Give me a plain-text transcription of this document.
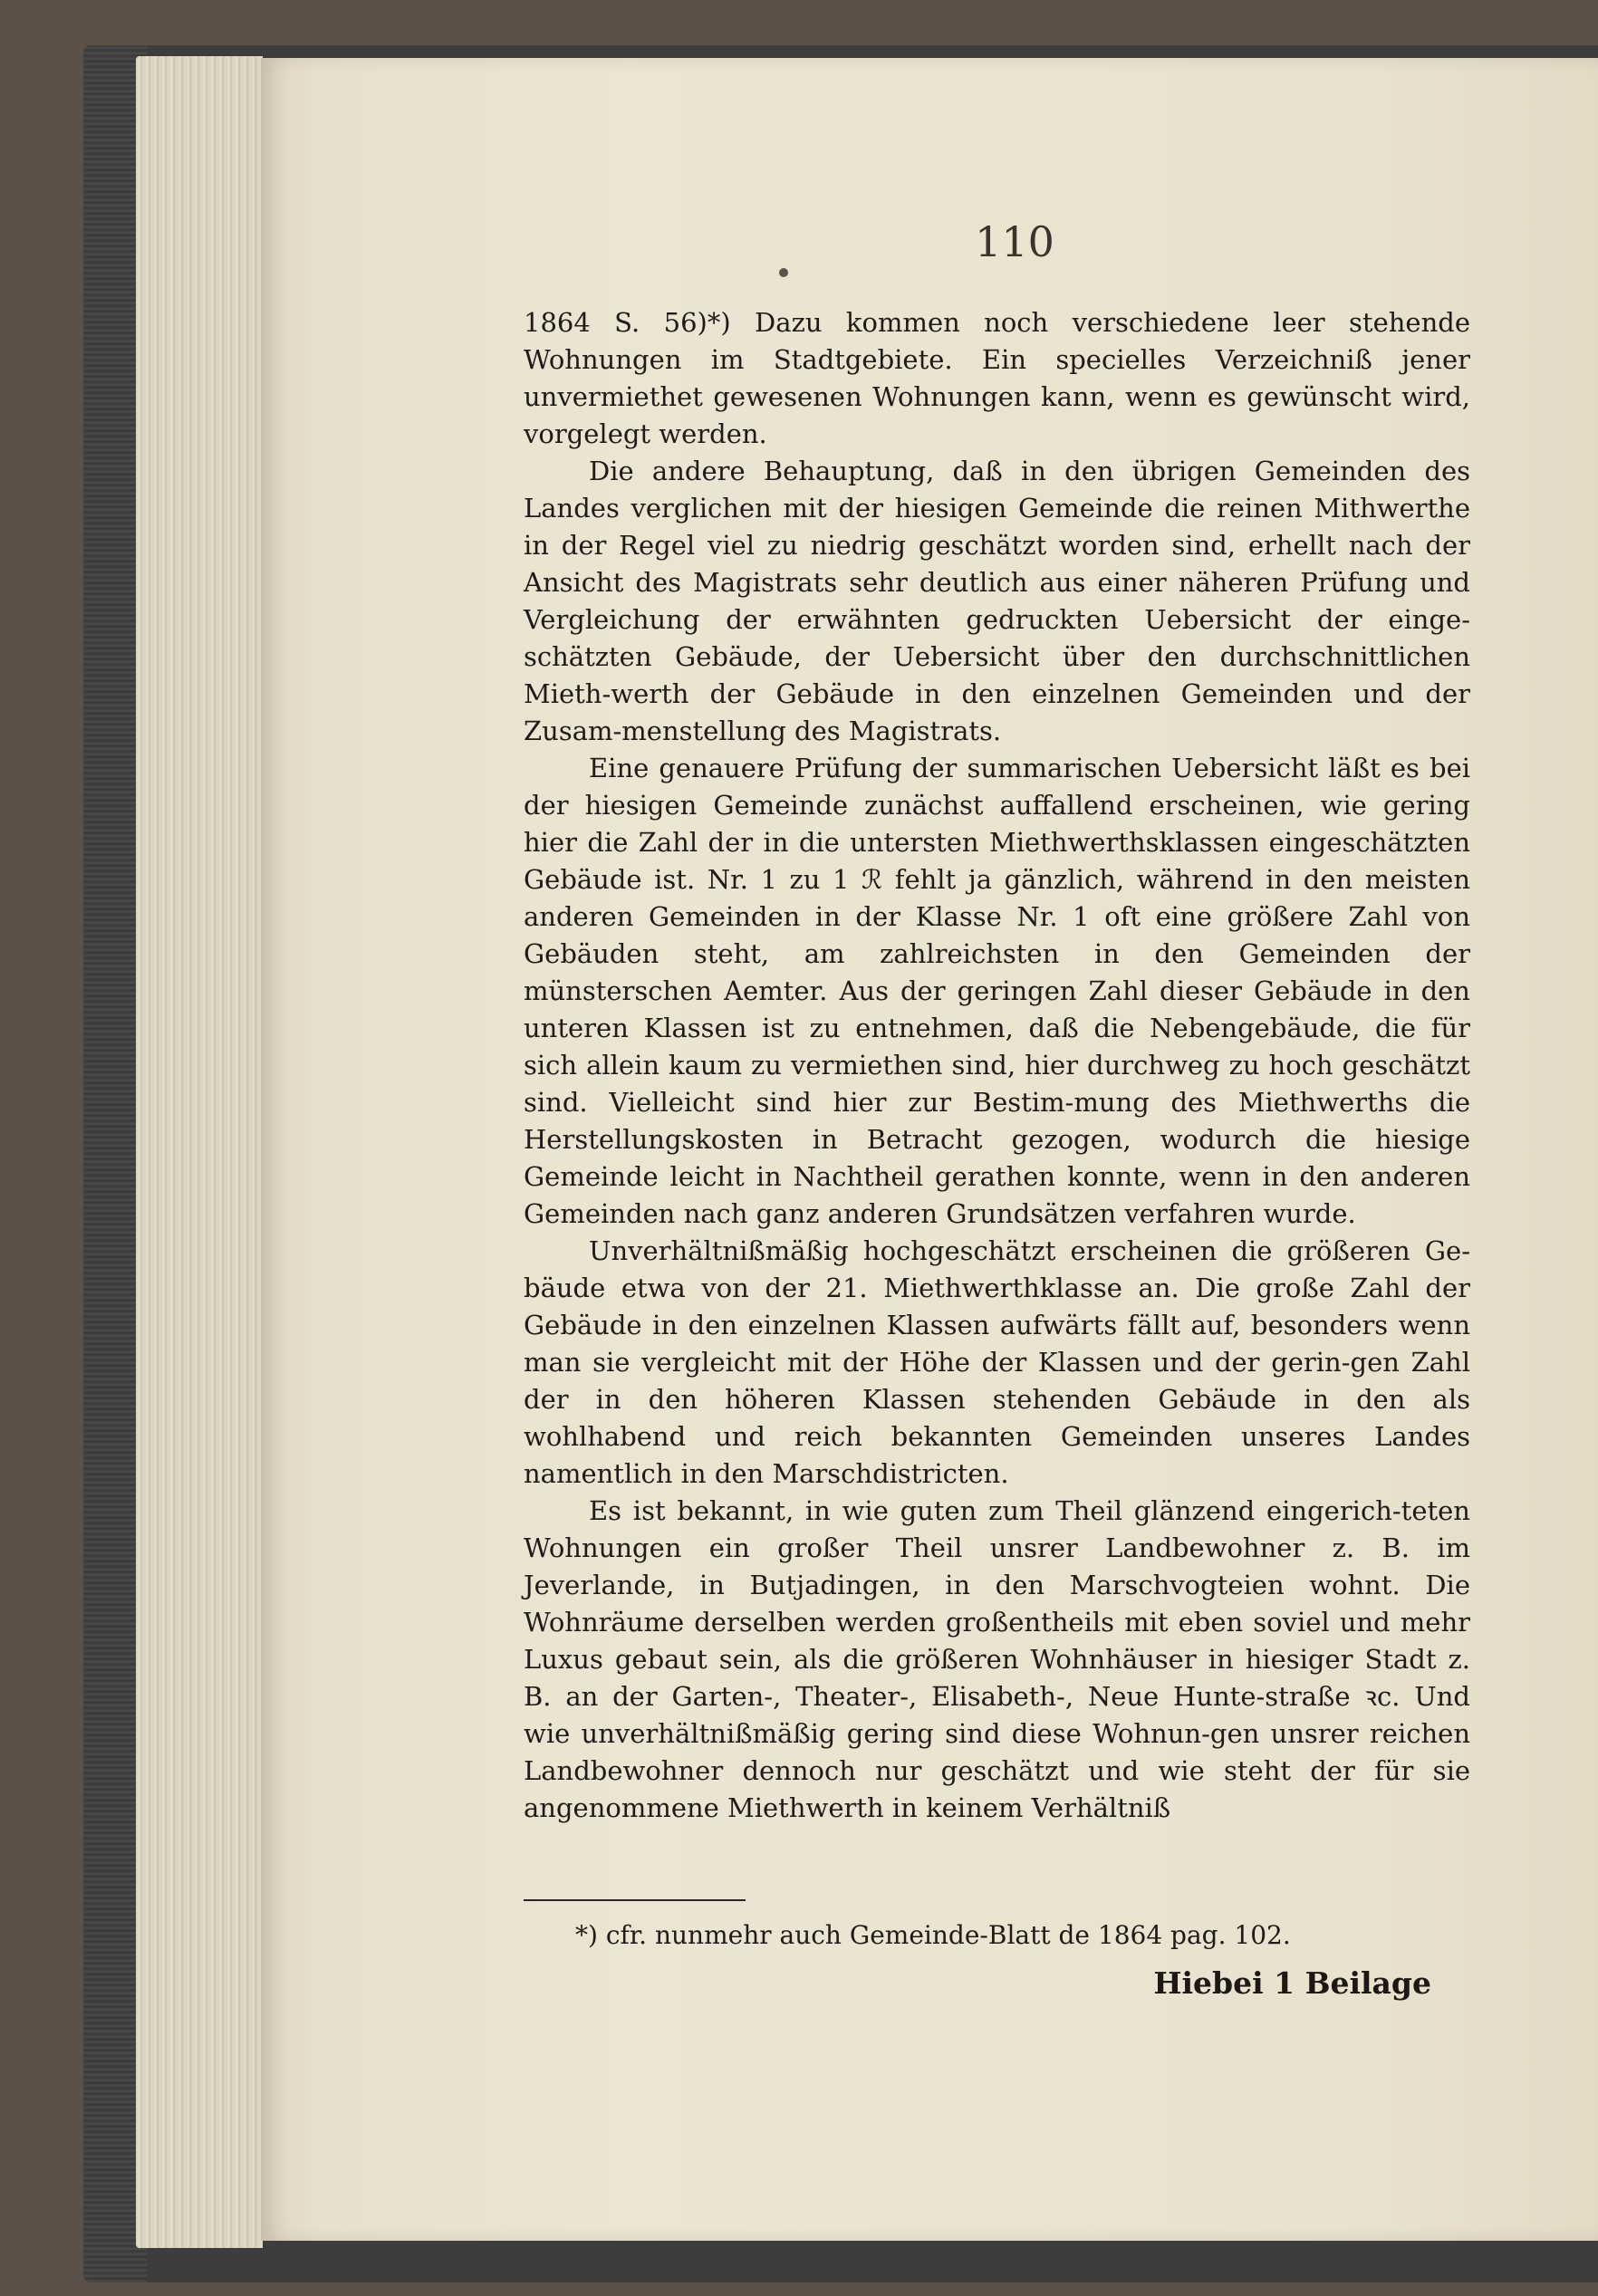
110

1864 S. 56)*) Dazu kommen noch verschiedene leer stehende Wohnungen im Stadtgebiete. Ein specielles Verzeichniß jener unvermiethet gewesenen Wohnungen kann, wenn es gewünscht wird, vorgelegt werden.

Die andere Behauptung, daß in den übrigen Gemeinden des Landes verglichen mit der hiesigen Gemeinde die reinen Mithwerthe in der Regel viel zu niedrig geschätzt worden sind, erhellt nach der Ansicht des Magistrats sehr deutlich aus einer näheren Prüfung und Vergleichung der erwähnten gedruckten Uebersicht der einge-schätzten Gebäude, der Uebersicht über den durchschnittlichen Mieth-werth der Gebäude in den einzelnen Gemeinden und der Zusam-menstellung des Magistrats.

Eine genauere Prüfung der summarischen Uebersicht läßt es bei der hiesigen Gemeinde zunächst auffallend erscheinen, wie gering hier die Zahl der in die untersten Miethwerthsklassen eingeschätzten Gebäude ist. Nr. 1 zu 1 ℛ fehlt ja gänzlich, während in den meisten anderen Gemeinden in der Klasse Nr. 1 oft eine größere Zahl von Gebäuden steht, am zahlreichsten in den Gemeinden der münsterschen Aemter. Aus der geringen Zahl dieser Gebäude in den unteren Klassen ist zu entnehmen, daß die Nebengebäude, die für sich allein kaum zu vermiethen sind, hier durchweg zu hoch geschätzt sind. Vielleicht sind hier zur Bestim-mung des Miethwerths die Herstellungskosten in Betracht gezogen, wodurch die hiesige Gemeinde leicht in Nachtheil gerathen konnte, wenn in den anderen Gemeinden nach ganz anderen Grundsätzen verfahren wurde.

Unverhältnißmäßig hochgeschätzt erscheinen die größeren Ge-bäude etwa von der 21. Miethwerthklasse an. Die große Zahl der Gebäude in den einzelnen Klassen aufwärts fällt auf, besonders wenn man sie vergleicht mit der Höhe der Klassen und der gerin-gen Zahl der in den höheren Klassen stehenden Gebäude in den als wohlhabend und reich bekannten Gemeinden unseres Landes namentlich in den Marschdistricten.

Es ist bekannt, in wie guten zum Theil glänzend eingerich-teten Wohnungen ein großer Theil unsrer Landbewohner z. B. im Jeverlande, in Butjadingen, in den Marschvogteien wohnt. Die Wohnräume derselben werden großentheils mit eben soviel und mehr Luxus gebaut sein, als die größeren Wohnhäuser in hiesiger Stadt z. B. an der Garten-, Theater-, Elisabeth-, Neue Hunte-straße ꝛc. Und wie unverhältnißmäßig gering sind diese Wohnun-gen unsrer reichen Landbewohner dennoch nur geschätzt und wie steht der für sie angenommene Miethwerth in keinem Verhältniß

*) cfr. nunmehr auch Gemeinde-Blatt de 1864 pag. 102.
Hiebei 1 Beilage
